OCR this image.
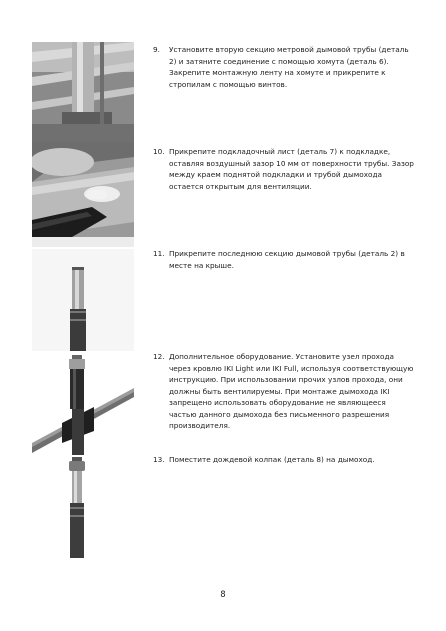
9. Установите вторую секцию метровой дымовой трубы (деталь 2) и затяните соединение с помощью хомута (деталь 6). Закрепите монтажную ленту на хомуте и прикрепите к стропилам с помощью винтов.
10. Прикрепите подкладочный лист (деталь 7) к подкладке, оставляя воздушный зазор 10 мм от поверхности трубы. Зазор между краем поднятой подкладки и трубой дымохода остается открытым для вентиляции.
11. Прикрепите последнюю секцию дымовой трубы (деталь 2) в месте на крыше.
12. Дополнительное оборудование. Установите узел прохода через кровлю IKI Light или IKI Full, используя соответствующую инструкцию. При использовании прочих узлов прохода, они должны быть вентилируемы. При монтаже дымохода IKI запрещено использовать оборудование не являющееся частью данного дымохода без письменного разрешения производителя.
13. Поместите дождевой колпак (деталь 8) на дымоход.
8
